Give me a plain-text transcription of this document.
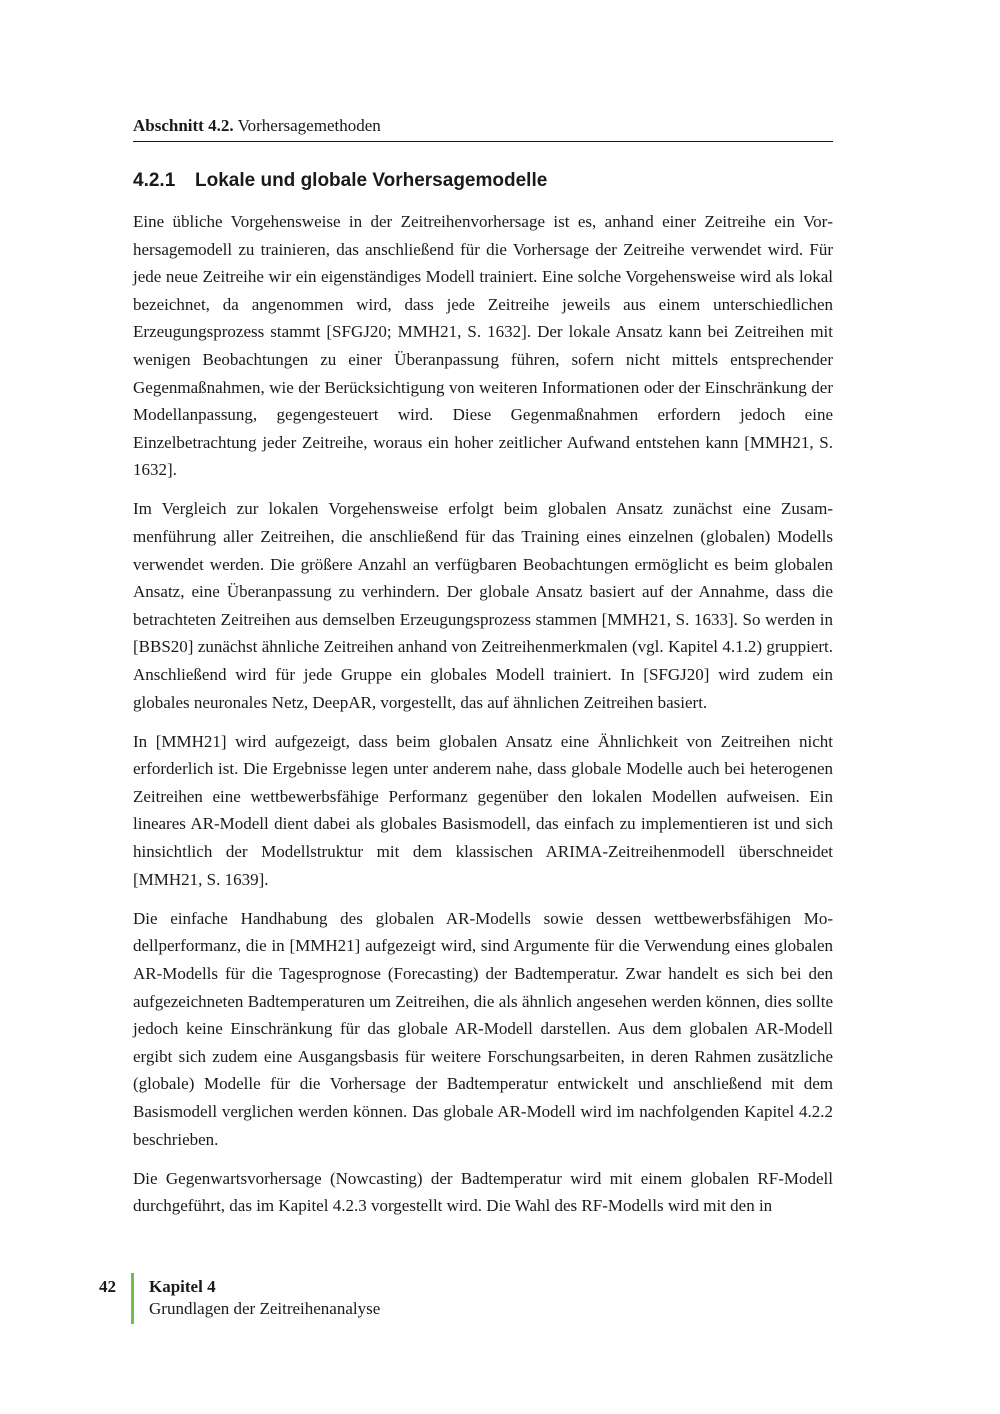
Abschnitt 4.2. Vorhersagemethoden
4.2.1 Lokale und globale Vorhersagemodelle

Eine übliche Vorgehensweise in der Zeitreihenvorhersage ist es, anhand einer Zeitreihe ein Vorhersagemodell zu trainieren, das anschließend für die Vorhersage der Zeitreihe verwendet wird. Für jede neue Zeitreihe wir ein eigenständiges Modell trainiert. Eine solche Vorgehensweise wird als lokal bezeichnet, da angenommen wird, dass jede Zeitreihe jeweils aus einem unterschiedlichen Erzeugungsprozess stammt [SFGJ20; MMH21, S. 1632]. Der lokale Ansatz kann bei Zeitreihen mit wenigen Beobachtungen zu einer Überanpassung führen, sofern nicht mittels entsprechender Gegenmaßnahmen, wie der Berücksichtigung von weiteren Informationen oder der Einschränkung der Modellanpassung, gegengesteuert wird. Diese Gegenmaßnahmen erfordern jedoch eine Einzelbetrachtung jeder Zeitreihe, woraus ein hoher zeitlicher Aufwand entstehen kann [MMH21, S. 1632].

Im Vergleich zur lokalen Vorgehensweise erfolgt beim globalen Ansatz zunächst eine Zusammenführung aller Zeitreihen, die anschließend für das Training eines einzelnen (globalen) Modells verwendet werden. Die größere Anzahl an verfügbaren Beobachtungen ermöglicht es beim globalen Ansatz, eine Überanpassung zu verhindern. Der globale Ansatz basiert auf der Annahme, dass die betrachteten Zeitreihen aus demselben Erzeugungsprozess stammen [MMH21, S. 1633]. So werden in [BBS20] zunächst ähnliche Zeitreihen anhand von Zeitreihenmerkmalen (vgl. Kapitel 4.1.2) gruppiert. Anschließend wird für jede Gruppe ein globales Modell trainiert. In [SFGJ20] wird zudem ein globales neuronales Netz, DeepAR, vorgestellt, das auf ähnlichen Zeitreihen basiert.

In [MMH21] wird aufgezeigt, dass beim globalen Ansatz eine Ähnlichkeit von Zeitreihen nicht erforderlich ist. Die Ergebnisse legen unter anderem nahe, dass globale Modelle auch bei heterogenen Zeitreihen eine wettbewerbsfähige Performanz gegenüber den lokalen Modellen aufweisen. Ein lineares AR-Modell dient dabei als globales Basismodell, das einfach zu implementieren ist und sich hinsichtlich der Modellstruktur mit dem klassischen ARIMA-Zeitreihenmodell überschneidet [MMH21, S. 1639].

Die einfache Handhabung des globalen AR-Modells sowie dessen wettbewerbsfähigen Modellperformanz, die in [MMH21] aufgezeigt wird, sind Argumente für die Verwendung eines globalen AR-Modells für die Tagesprognose (Forecasting) der Badtemperatur. Zwar handelt es sich bei den aufgezeichneten Badtemperaturen um Zeitreihen, die als ähnlich angesehen werden können, dies sollte jedoch keine Einschränkung für das globale AR-Modell darstellen. Aus dem globalen AR-Modell ergibt sich zudem eine Ausgangsbasis für weitere Forschungsarbeiten, in deren Rahmen zusätzliche (globale) Modelle für die Vorhersage der Badtemperatur entwickelt und anschließend mit dem Basismodell verglichen werden können. Das globale AR-Modell wird im nachfolgenden Kapitel 4.2.2 beschrieben.

Die Gegenwartsvorhersage (Nowcasting) der Badtemperatur wird mit einem globalen RF-Modell durchgeführt, das im Kapitel 4.2.3 vorgestellt wird. Die Wahl des RF-Modells wird mit den in

42 Kapitel 4
Grundlagen der Zeitreihenanalyse
